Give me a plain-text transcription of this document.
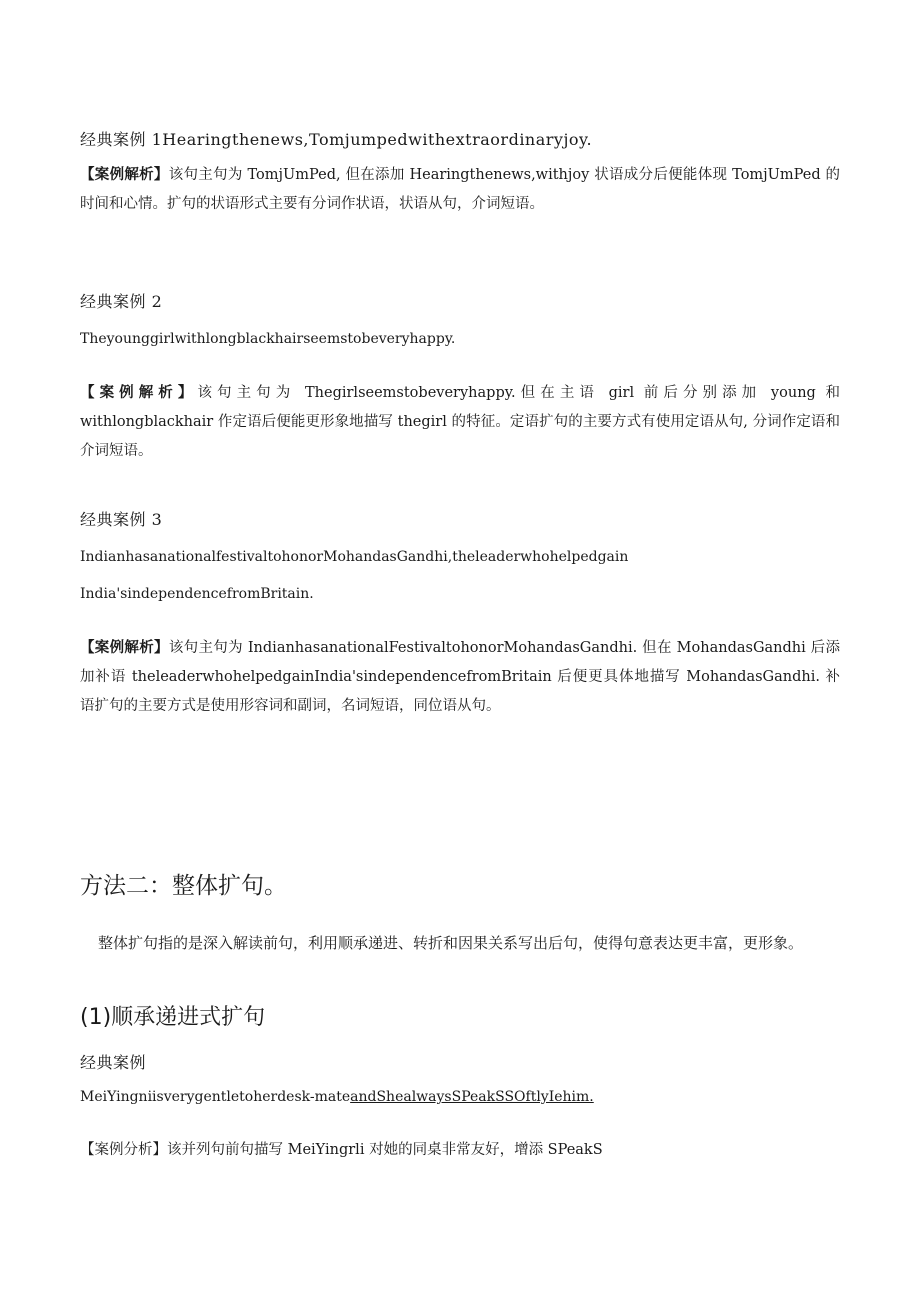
经典案例 1Hearingthenews,Tomjumpedwithextraordinaryjoy.
【案例解析】该句主句为 TomjUmPed, 但在添加 Hearingthenews,withjoy 状语成分后便能体现 TomjUmPed 的时间和心情。扩句的状语形式主要有分词作状语，状语从句，介词短语。
经典案例 2
Theyounggirlwithlongblackhairseemstobeveryhappy.
【案例解析】该句主句为 Thegirlseemstobeveryhappy.但在主语 girl 前后分别添加 young 和 withlongblackhair 作定语后便能更形象地描写 thegirl 的特征。定语扩句的主要方式有使用定语从句, 分词作定语和介词短语。
经典案例 3
IndianhasanationalfestivaltohonorMohandasGandhi,theleaderwhohelpedgain
India'sindependencefromBritain.
【案例解析】该句主句为 IndianhasanationalFestivaltohonorMohandasGandhi. 但在 MohandasGandhi 后添加补语 theleaderwhohelpedgainIndia'sindependencefromBritain 后便更具体地描写 MohandasGandhi. 补语扩句的主要方式是使用形容词和副词，名词短语，同位语从句。
方法二：整体扩句。
整体扩句指的是深入解读前句，利用顺承递进、转折和因果关系写出后句，使得句意表达更丰富，更形象。
(1)顺承递进式扩句
经典案例
MeiYingniisverygentletoherdesk-mateandShealwaysSPeakSSOftlyIehim.
【案例分析】该并列句前句描写 MeiYingrli 对她的同桌非常友好，增添 SPeakS
